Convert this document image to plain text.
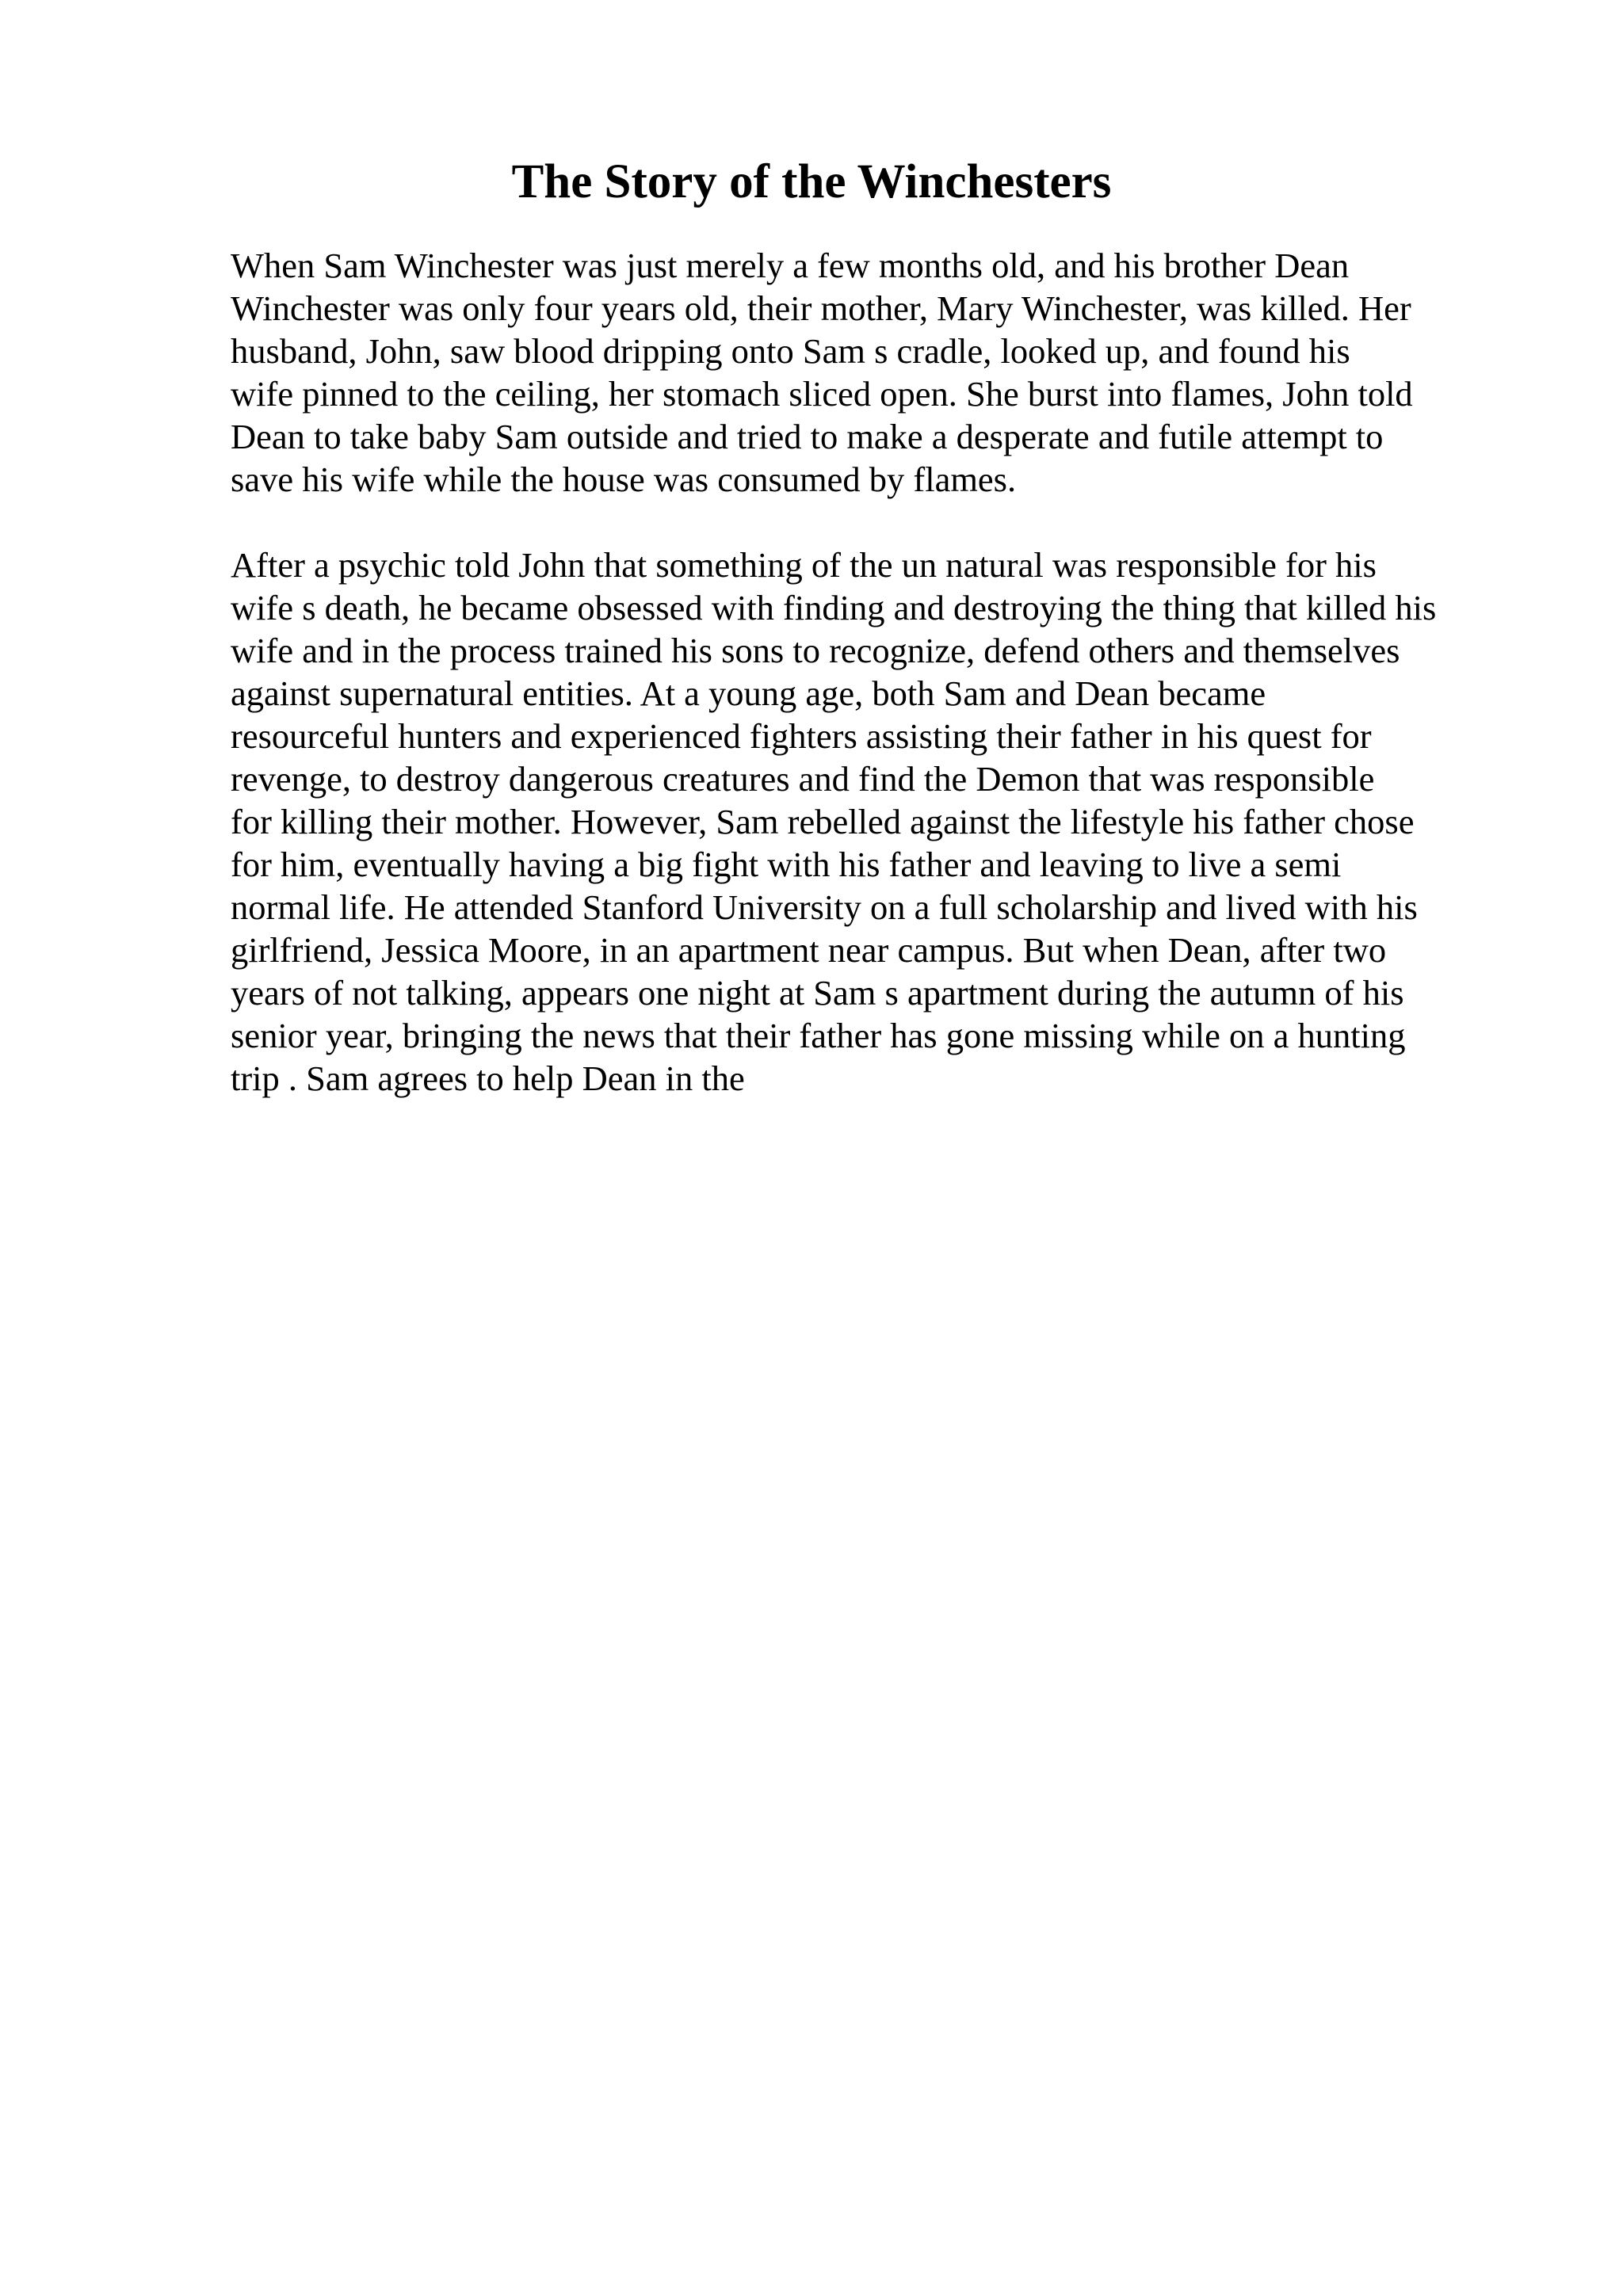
The Story of the Winchesters

When Sam Winchester was just merely a few months old, and his brother Dean
Winchester was only four years old, their mother, Mary Winchester, was killed. Her
husband, John, saw blood dripping onto Sam s cradle, looked up, and found his
wife pinned to the ceiling, her stomach sliced open. She burst into flames, John told
Dean to take baby Sam outside and tried to make a desperate and futile attempt to
save his wife while the house was consumed by flames.

After a psychic told John that something of the un natural was responsible for his
wife s death, he became obsessed with finding and destroying the thing that killed his
wife and in the process trained his sons to recognize, defend others and themselves
against supernatural entities. At a young age, both Sam and Dean became
resourceful hunters and experienced fighters assisting their father in his quest for
revenge, to destroy dangerous creatures and find the Demon that was responsible
for killing their mother. However, Sam rebelled against the lifestyle his father chose
for him, eventually having a big fight with his father and leaving to live a semi
normal life. He attended Stanford University on a full scholarship and lived with his
girlfriend, Jessica Moore, in an apartment near campus. But when Dean, after two
years of not talking, appears one night at Sam s apartment during the autumn of his
senior year, bringing the news that their father has gone missing while on a hunting
trip . Sam agrees to help Dean in the
